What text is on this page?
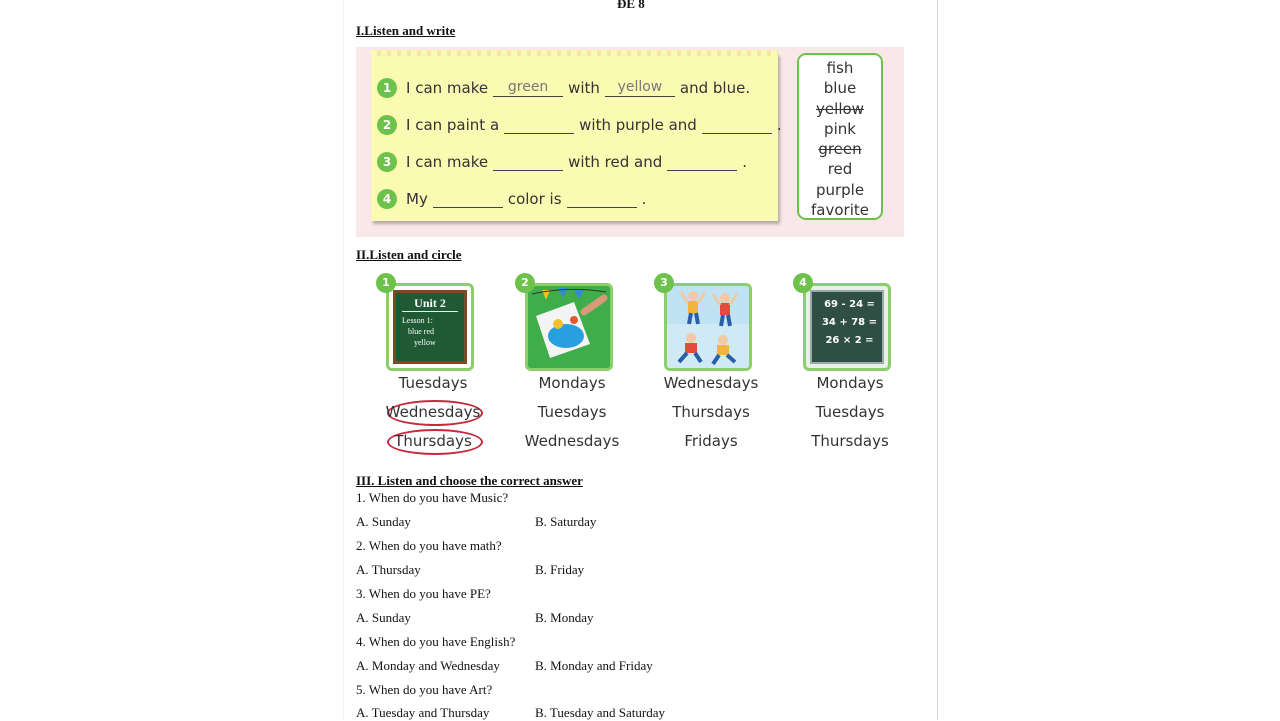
ĐE 8
I.Listen and write
1 I can make	green	with	yellow	and blue.
2 I can paint a	with purple and	.
3 I can make	with red and	.
4 My	color is	.
fish
blue
yellow
pink
green
red
purple
favorite
II.Listen and circle
1
Unit 2
Lesson 1:
blue red
yellow
Tuesdays
Wednesdays
Thursdays
2
Mondays
Tuesdays
Wednesdays
3
Wednesdays
Thursdays
Fridays
4
69 - 24 =
34 + 78 =
26 × 2 =
Mondays
Tuesdays
Thursdays
III. Listen and choose the correct answer
1. When do you have Music?
A. Sunday	B. Saturday
2. When do you have math?
A. Thursday	B. Friday
3. When do you have PE?
A. Sunday	B. Monday
4. When do you have English?
A. Monday and Wednesday	B. Monday and Friday
5. When do you have Art?
A. Tuesday and Thursday	B. Tuesday and Saturday
